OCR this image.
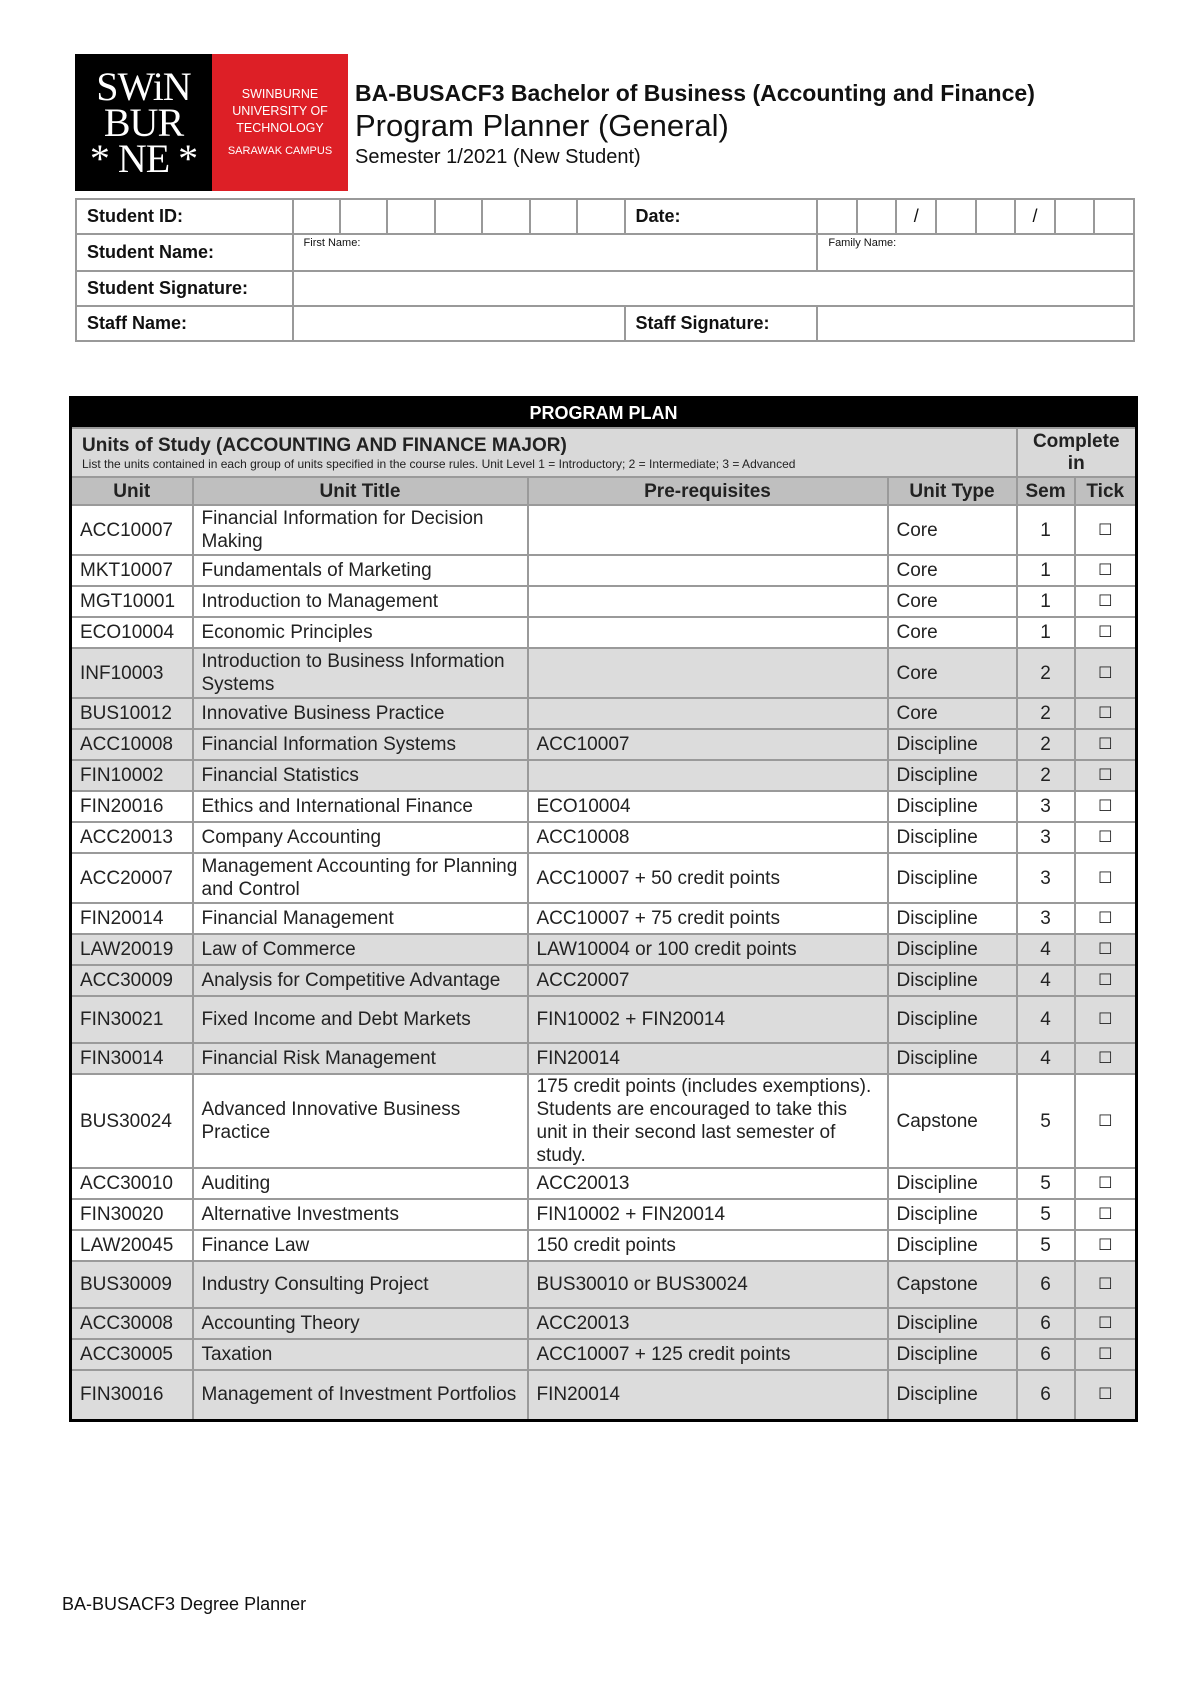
SWiN
BUR
* NE *
SWINBURNE
UNIVERSITY OF
TECHNOLOGY
SARAWAK CAMPUS
BA-BUSACF3 Bachelor of Business (Accounting and Finance)
Program Planner (General)
Semester 1/2021 (New Student)
Student ID:								Date:			/			/		
Student Name:	First Name:								Family Name:							
Student Signature:																
Staff Name:								Staff Signature:								
PROGRAM PLAN					
Units of Study (ACCOUNTING AND FINANCE MAJOR)
List the units contained in each group of units specified in the course rules. Unit Level 1 = Introductory; 2 = Intermediate; 3 = Advanced				Complete in	
Unit	Unit Title	Pre-requisites	Unit Type	Sem	Tick
ACC10007	Financial Information for Decision Making		Core	1	☐
MKT10007	Fundamentals of Marketing		Core	1	☐
MGT10001	Introduction to Management		Core	1	☐
ECO10004	Economic Principles		Core	1	☐
INF10003	Introduction to Business Information Systems		Core	2	☐
BUS10012	Innovative Business Practice		Core	2	☐
ACC10008	Financial Information Systems	ACC10007	Discipline	2	☐
FIN10002	Financial Statistics		Discipline	2	☐
FIN20016	Ethics and International Finance	ECO10004	Discipline	3	☐
ACC20013	Company Accounting	ACC10008	Discipline	3	☐
ACC20007	Management Accounting for Planning and Control	ACC10007 + 50 credit points	Discipline	3	☐
FIN20014	Financial Management	ACC10007 + 75 credit points	Discipline	3	☐
LAW20019	Law of Commerce	LAW10004 or 100 credit points	Discipline	4	☐
ACC30009	Analysis for Competitive Advantage	ACC20007	Discipline	4	☐
FIN30021	Fixed Income and Debt Markets	FIN10002 + FIN20014	Discipline	4	☐
FIN30014	Financial Risk Management	FIN20014	Discipline	4	☐
BUS30024	Advanced Innovative Business Practice	175 credit points (includes exemptions). Students are encouraged to take this unit in their second last semester of study.	Capstone	5	☐
ACC30010	Auditing	ACC20013	Discipline	5	☐
FIN30020	Alternative Investments	FIN10002 + FIN20014	Discipline	5	☐
LAW20045	Finance Law	150 credit points	Discipline	5	☐
BUS30009	Industry Consulting Project	BUS30010 or BUS30024	Capstone	6	☐
ACC30008	Accounting Theory	ACC20013	Discipline	6	☐
ACC30005	Taxation	ACC10007 + 125 credit points	Discipline	6	☐
FIN30016	Management of Investment Portfolios	FIN20014	Discipline	6	☐
BA-BUSACF3 Degree Planner
